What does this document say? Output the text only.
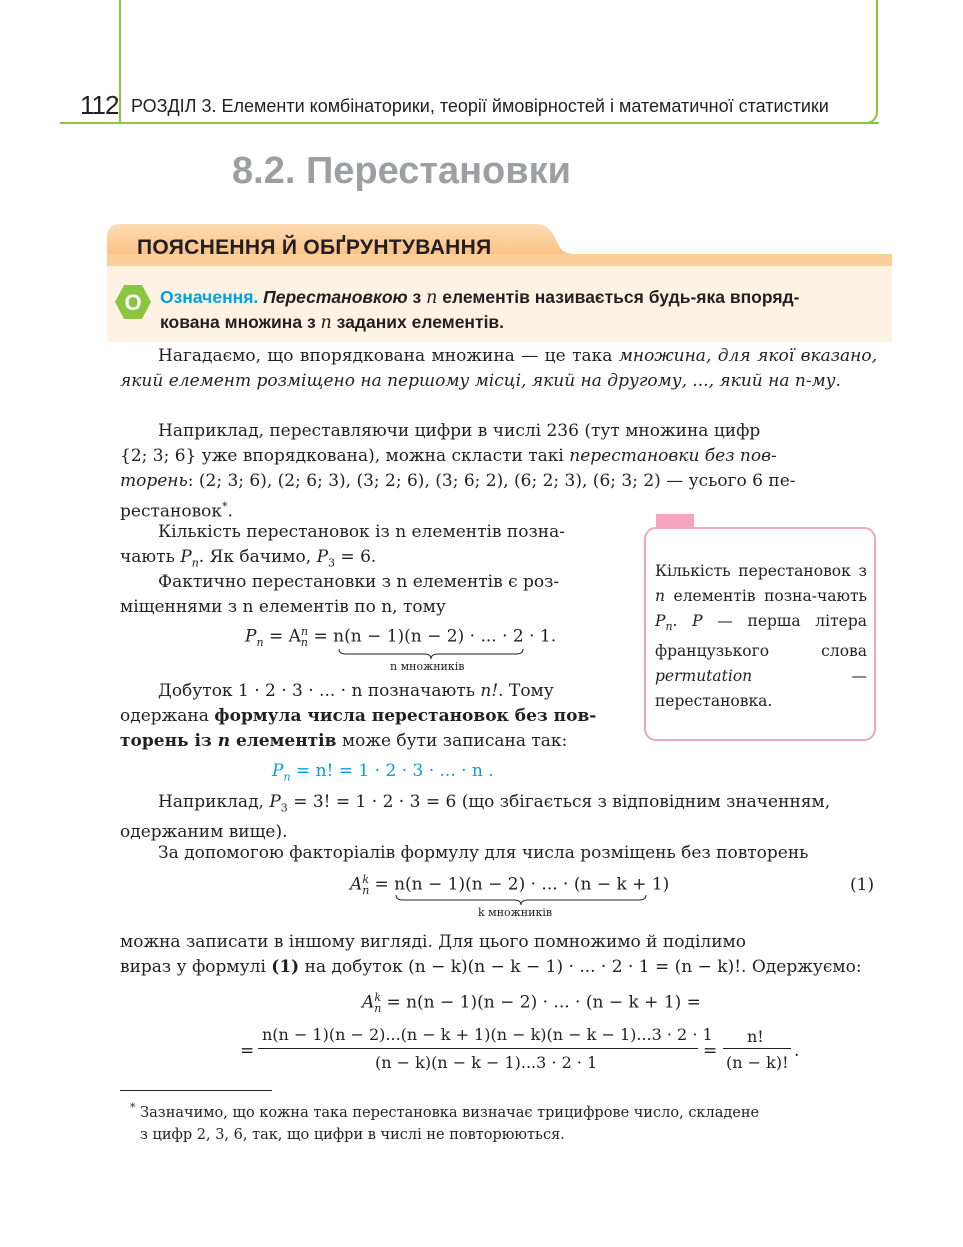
112 РОЗДІЛ 3. Елементи комбінаторики, теорії ймовірностей і математичної статистики
8.2. Перестановки
ПОЯСНЕННЯ Й ОБҐРУНТУВАННЯ
О Означення. Перестановкою з n елементів називається будь-яка впоряд-
кована множина з n заданих елементів.
Нагадаємо, що впорядкована множина — це така множина, для якої вказано, який елемент розміщено на першому місці, який на другому, ..., який на n-му.
Наприклад, переставляючи цифри в числі 236 (тут множина цифр
{2; 3; 6} уже впорядкована), можна скласти такі перестановки без пов-
торень: (2; 3; 6), (2; 6; 3), (3; 2; 6), (3; 6; 2), (6; 2; 3), (6; 3; 2) — усього 6 пе-
рестановок*.
Кількість перестановок із n елементів позна-
чають $P_n$. Як бачимо, $P_3 = 6$.
Фактично перестановки з n елементів є роз-
міщеннями з n елементів по n, тому
$P_n = A_n^n = n(n - 1)(n - 2)$ · ... · 2 · 1.
n множників
Добуток 1 · 2 · 3 · ... · n позначають n!. Тому
одержана формула числа перестановок без пов-
торень із n елементів може бути записана так:
$P_n = n$! = 1 · 2 · 3 · ... · n .
Кількість перестановок з n елементів позна-чають $P_n$. P — перша літера французького слова permutation — перестановка.
Наприклад, $P_3 = 3$! = 1 · 2 · 3 = 6 (що збігається з відповідним значенням,
одержаним вище).
За допомогою факторіалів формулу для числа розміщень без повторень
$A_n^k = n(n - 1)(n - 2)$ · ... · (n − k + 1)	(1)
k множників
можна записати в іншому вигляді. Для цього помножимо й поділимо
вираз у формулі (1) на добуток (n − k)(n − k − 1) · ... · 2 · 1 = (n − k)!. Одержуємо:
$A_n^k = n(n - 1)(n - 2)$ · ... · (n − k + 1) =
=
n(n − 1)(n − 2)...(n − k + 1)(n − k)(n − k − 1)...3 · 2 · 1
(n − k)(n − k − 1)...3 · 2 · 1
=
n!
(n − k)!
.
* Зазначимо, що кожна така перестановка визначає трицифрове число, складене
з цифр 2, 3, 6, так, що цифри в числі не повторюються.
